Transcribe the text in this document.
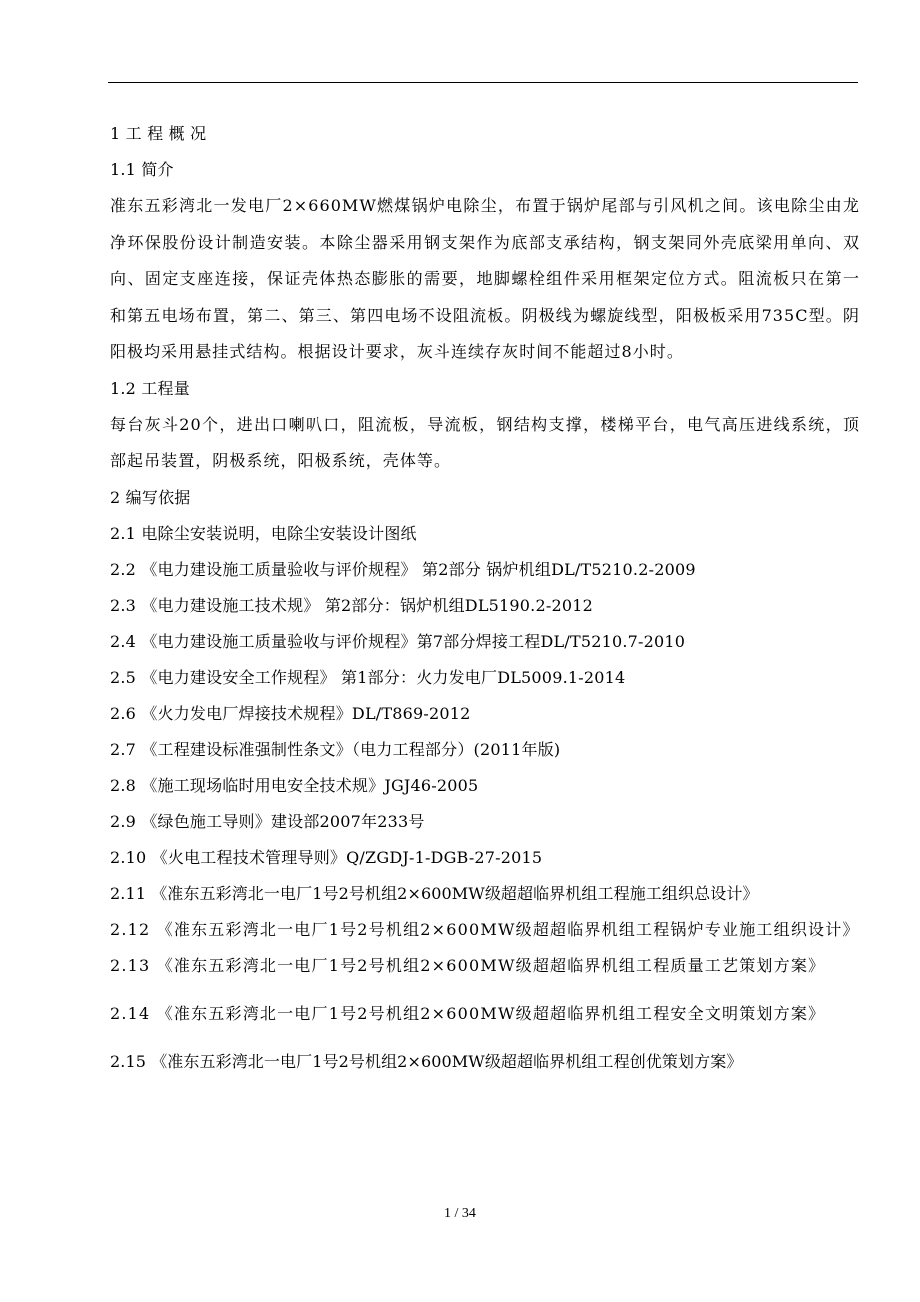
1 工 程 概 况
1.1 简介
准东五彩湾北一发电厂2×660MW燃煤锅炉电除尘，布置于锅炉尾部与引风机之间。该电除尘由龙净环保股份设计制造安装。本除尘器采用钢支架作为底部支承结构，钢支架同外壳底梁用单向、双向、固定支座连接，保证壳体热态膨胀的需要，地脚螺栓组件采用框架定位方式。阻流板只在第一和第五电场布置，第二、第三、第四电场不设阻流板。阴极线为螺旋线型，阳极板采用735C型。阴阳极均采用悬挂式结构。根据设计要求，灰斗连续存灰时间不能超过8小时。
1.2 工程量
每台灰斗20个，进出口喇叭口，阻流板，导流板，钢结构支撑，楼梯平台，电气高压进线系统，顶部起吊装置，阴极系统，阳极系统，壳体等。
2 编写依据
2.1 电除尘安装说明，电除尘安装设计图纸
2.2 《电力建设施工质量验收与评价规程》 第2部分 锅炉机组DL/T5210.2-2009
2.3 《电力建设施工技术规》 第2部分：锅炉机组DL5190.2-2012
2.4 《电力建设施工质量验收与评价规程》第7部分焊接工程DL/T5210.7-2010
2.5 《电力建设安全工作规程》 第1部分：火力发电厂DL5009.1-2014
2.6 《火力发电厂焊接技术规程》DL/T869-2012
2.7 《工程建设标准强制性条文》（电力工程部分）(2011年版)
2.8 《施工现场临时用电安全技术规》JGJ46-2005
2.9 《绿色施工导则》建设部2007年233号
2.10 《火电工程技术管理导则》Q/ZGDJ-1-DGB-27-2015
2.11 《准东五彩湾北一电厂1号2号机组2×600MW级超超临界机组工程施工组织总设计》
2.12 《准东五彩湾北一电厂1号2号机组2×600MW级超超临界机组工程锅炉专业施工组织设计》
2.13 《准东五彩湾北一电厂1号2号机组2×600MW级超超临界机组工程质量工艺策划方案》
2.14 《准东五彩湾北一电厂1号2号机组2×600MW级超超临界机组工程安全文明策划方案》
2.15 《准东五彩湾北一电厂1号2号机组2×600MW级超超临界机组工程创优策划方案》
1 / 34
